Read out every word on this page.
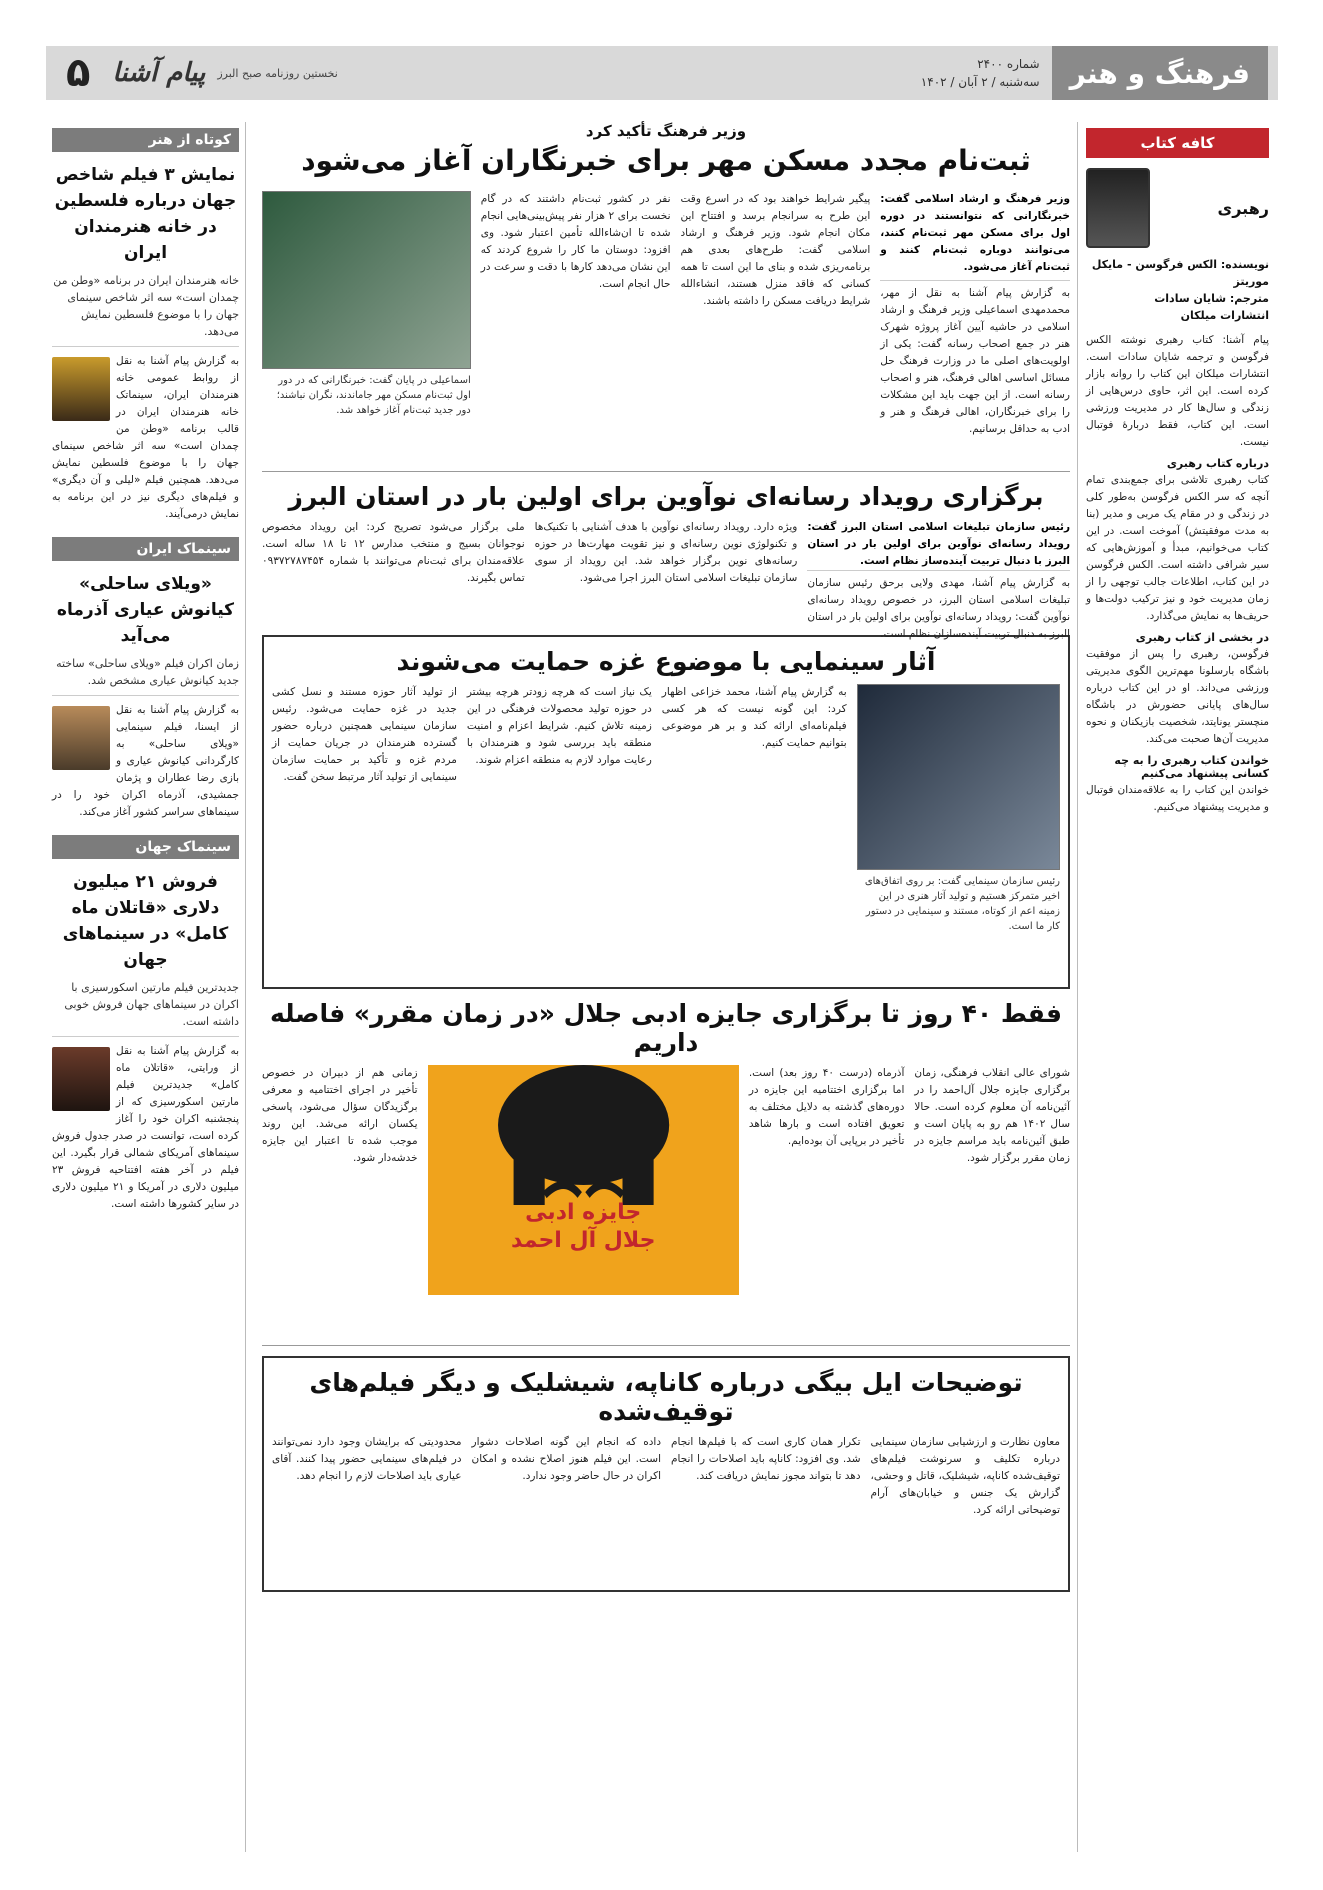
فرهنگ و هنر
شماره ۲۴۰۰
سه‌شنبه / ۲ آبان / ۱۴۰۲
نخستین روزنامه صبح البرز
پیام آشنا
۵
کافه کتاب
رهبری
نویسنده: الکس فرگوسن - مایکل موریتز
مترجم: شایان سادات
انتشارات میلکان

پیام آشنا: کتاب رهبری نوشته الکس فرگوسن و ترجمه شایان سادات است. انتشارات میلکان این کتاب را روانه بازار کرده است. این اثر، حاوی درس‌هایی از زندگی و سال‌ها کار در مدیریت ورزشی است. این کتاب، فقط دربارهٔ فوتبال نیست.

درباره کتاب رهبری

کتاب رهبری تلاشی برای جمع‌بندی تمام آنچه که سر الکس فرگوسن به‌طور کلی در زندگی و در مقام یک مربی و مدیر (بنا به مدت موفقیتش) آموخت است. در این کتاب می‌خوانیم، مبدأ و آموزش‌هایی که سیر شرافی داشته است. الکس فرگوسن در این کتاب، اطلاعات جالب توجهی را از زمان مدیریت خود و نیز ترکیب دولت‌ها و حریف‌ها به نمایش می‌گذارد.

در بخشی از کتاب رهبری

فرگوسن، رهبری را پس از موفقیت باشگاه بارسلونا مهم‌ترین الگوی مدیریتی ورزشی می‌داند. او در این کتاب درباره سال‌های پایانی حضورش در باشگاه منچستر یونایتد، شخصیت بازیکنان و نحوه مدیریت آن‌ها صحبت می‌کند.

خواندن کتاب رهبری را به چه کسانی پیشنهاد می‌کنیم

خواندن این کتاب را به علاقه‌مندان فوتبال و مدیریت پیشنهاد می‌کنیم.

کوتاه از هنر
نمایش ۳ فیلم شاخص جهان درباره فلسطین در خانه هنرمندان ایران
خانه هنرمندان ایران در برنامه «وطن من چمدان است» سه اثر شاخص سینمای جهان را با موضوع فلسطین نمایش می‌دهد.

به گزارش پیام آشنا به نقل از روابط عمومی خانه هنرمندان ایران، سینماتک خانه هنرمندان ایران در قالب برنامه «وطن من چمدان است» سه اثر شاخص سینمای جهان را با موضوع فلسطین نمایش می‌دهد. همچنین فیلم «لیلی و آن دیگری» و فیلم‌های دیگری نیز در این برنامه به نمایش درمی‌آیند.

سینماک ایران
«ویلای ساحلی» کیانوش عیاری آذرماه می‌آید
زمان اکران فیلم «ویلای ساحلی» ساخته جدید کیانوش عیاری مشخص شد.

به گزارش پیام آشنا به نقل از ایسنا، فیلم سینمایی «ویلای ساحلی» به کارگردانی کیانوش عیاری و بازی رضا عطاران و پژمان جمشیدی، آذرماه اکران خود را در سینماهای سراسر کشور آغاز می‌کند.

سینماک جهان
فروش ۲۱ میلیون دلاری «قاتلان ماه کامل» در سینماهای جهان
جدیدترین فیلم مارتین اسکورسیزی با اکران در سینماهای جهان فروش خوبی داشته است.

به گزارش پیام آشنا به نقل از ورایتی، «قاتلان ماه کامل» جدیدترین فیلم مارتین اسکورسیزی که از پنجشنبه اکران خود را آغاز کرده است، توانست در صدر جدول فروش سینماهای آمریکای شمالی قرار بگیرد. این فیلم در آخر هفته افتتاحیه فروش ۲۳ میلیون دلاری در آمریکا و ۲۱ میلیون دلاری در سایر کشورها داشته است.

وزیر فرهنگ تأکید کرد
ثبت‌نام مجدد مسکن مهر برای خبرنگاران آغاز می‌شود

وزیر فرهنگ و ارشاد اسلامی گفت: خبرنگارانی که نتوانستند در دوره اول برای مسکن مهر ثبت‌نام کنند، می‌توانند دوباره ثبت‌نام کنند و ثبت‌نام آغاز می‌شود.

به گزارش پیام آشنا به نقل از مهر، محمدمهدی اسماعیلی وزیر فرهنگ و ارشاد اسلامی در حاشیه آیین آغاز پروژه شهرک هنر در جمع اصحاب رسانه گفت: یکی از اولویت‌های اصلی ما در وزارت فرهنگ حل مسائل اساسی اهالی فرهنگ، هنر و اصحاب رسانه است. از این جهت باید این مشکلات را برای خبرنگاران، اهالی فرهنگ و هنر و ادب به حداقل برسانیم.

پیگیر شرایط خواهند بود که در اسرع وقت این طرح به سرانجام برسد و افتتاح این مکان انجام شود. وزیر فرهنگ و ارشاد اسلامی گفت: طرح‌های بعدی هم برنامه‌ریزی شده و بنای ما این است تا همه کسانی که فاقد منزل هستند، انشاءالله شرایط دریافت مسکن را داشته باشند.

نفر در کشور ثبت‌نام داشتند که در گام نخست برای ۲ هزار نفر پیش‌بینی‌هایی انجام شده تا ان‌شاءالله تأمین اعتبار شود. وی افزود: دوستان ما کار را شروع کردند که این نشان می‌دهد کارها با دقت و سرعت در حال انجام است.

اسماعیلی در پایان گفت: خبرنگارانی که در دور اول ثبت‌نام مسکن مهر جاماندند، نگران نباشند؛ دور جدید ثبت‌نام آغاز خواهد شد.
برگزاری رویداد رسانه‌ای نوآوین برای اولین بار در استان البرز

رئیس سازمان تبلیغات اسلامی استان البرز گفت: رویداد رسانه‌ای نوآوین برای اولین بار در استان البرز با دنبال تربیت آینده‌ساز نظام است.

به گزارش پیام آشنا، مهدی ولایی برحق رئیس سازمان تبلیغات اسلامی استان البرز، در خصوص رویداد رسانه‌ای نوآوین گفت: رویداد رسانه‌ای نوآوین برای اولین بار در استان البرز به دنبال تربیت آینده‌سازان نظام است.

ویژه دارد. رویداد رسانه‌ای نوآوین با هدف آشنایی با تکنیک‌ها و تکنولوژی نوین رسانه‌ای و نیز تقویت مهارت‌ها در حوزه رسانه‌های نوین برگزار خواهد شد. این رویداد از سوی سازمان تبلیغات اسلامی استان البرز اجرا می‌شود.

ملی برگزار می‌شود تصریح کرد: این رویداد مخصوص نوجوانان بسیج و منتخب مدارس ۱۲ تا ۱۸ ساله است. علاقه‌مندان برای ثبت‌نام می‌توانند با شماره ۰۹۳۷۲۷۸۷۴۵۴ تماس بگیرند.

آثار سینمایی با موضوع غزه حمایت می‌شوند
رئیس سازمان سینمایی گفت: بر روی اتفاق‌های اخیر متمرکز هستیم و تولید آثار هنری در این زمینه اعم از کوتاه، مستند و سینمایی در دستور کار ما است.

به گزارش پیام آشنا، محمد خزاعی اظهار کرد: این گونه نیست که هر کسی فیلم‌نامه‌ای ارائه کند و بر هر موضوعی بتوانیم حمایت کنیم.

یک نیاز است که هرچه زودتر هرچه بیشتر در حوزه تولید محصولات فرهنگی در این زمینه تلاش کنیم. شرایط اعزام و امنیت منطقه باید بررسی شود و هنرمندان با رعایت موارد لازم به منطقه اعزام شوند.

از تولید آثار حوزه مستند و نسل کشی جدید در غزه حمایت می‌شود. رئیس سازمان سینمایی همچنین درباره حضور گسترده هنرمندان در جریان حمایت از مردم غزه و تأکید بر حمایت سازمان سینمایی از تولید آثار مرتبط سخن گفت.

فقط ۴۰ روز تا برگزاری جایزه ادبی جلال «در زمان مقرر» فاصله داریم

شورای عالی انقلاب فرهنگی، زمان برگزاری جایزه جلال آل‌احمد را در آئین‌نامه آن معلوم کرده است. حالا سال ۱۴۰۲ هم رو به پایان است و طبق آئین‌نامه باید مراسم جایزه در زمان مقرر برگزار شود.

آذرماه (درست ۴۰ روز بعد) است. اما برگزاری اختتامیه این جایزه در دوره‌های گذشته به دلایل مختلف به تعویق افتاده است و بارها شاهد تأخیر در برپایی آن بوده‌ایم.

جایزه ادبی
جلال آل احمد

زمانی هم از دبیران در خصوص تأخیر در اجرای اختتامیه و معرفی برگزیدگان سؤال می‌شود، پاسخی یکسان ارائه می‌شد. این روند موجب شده تا اعتبار این جایزه خدشه‌دار شود.

توضیحات ایل بیگی درباره کاناپه، شیشلیک و دیگر فیلم‌های توقیف‌شده

معاون نظارت و ارزشیابی سازمان سینمایی درباره تکلیف و سرنوشت فیلم‌های توقیف‌شده کاناپه، شیشلیک، قاتل و وحشی، گزارش یک جنس و خیابان‌های آرام توضیحاتی ارائه کرد.

تکرار همان کاری است که با فیلم‌ها انجام شد. وی افزود: کاناپه باید اصلاحات را انجام دهد تا بتواند مجوز نمایش دریافت کند.

داده که انجام این گونه اصلاحات دشوار است. این فیلم هنوز اصلاح نشده و امکان اکران در حال حاضر وجود ندارد.

محدودیتی که برایشان وجود دارد نمی‌توانند در فیلم‌های سینمایی حضور پیدا کنند. آقای عیاری باید اصلاحات لازم را انجام دهد.
